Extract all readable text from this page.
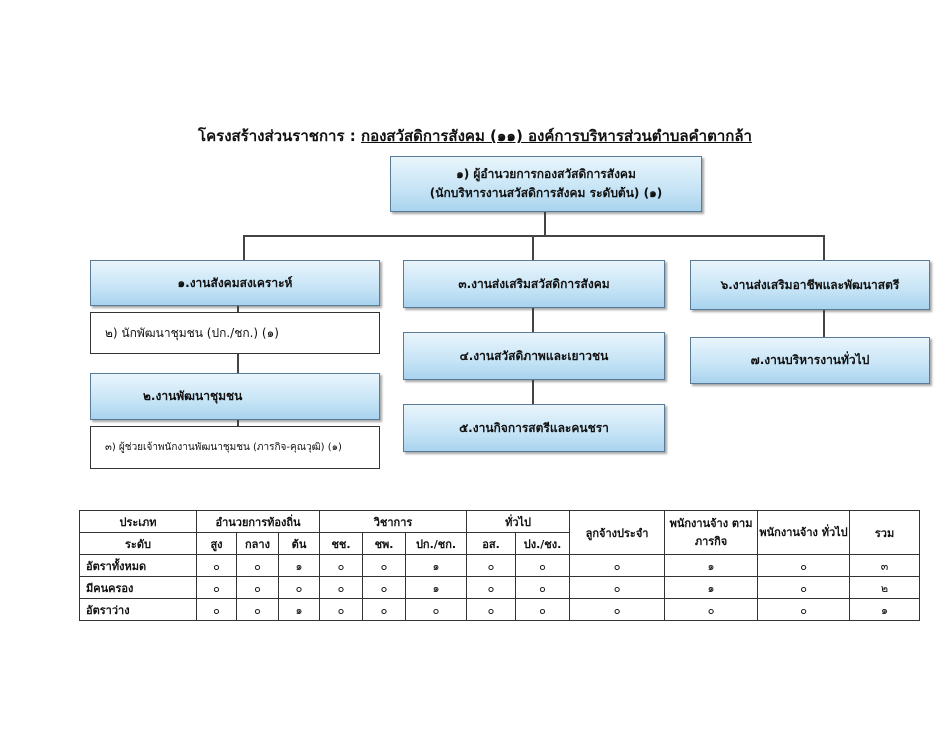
โครงสร้างส่วนราชการ : กองสวัสดิการสังคม (๑๑) องค์การบริหารส่วนตำบลคำตากล้า
๑) ผู้อำนวยการกองสวัสดิการสังคม
(นักบริหารงานสวัสดิการสังคม ระดับต้น) (๑)
๑.งานสังคมสงเคราะห์
๒) นักพัฒนาชุมชน (ปก./ชก.) (๑)
๒.งานพัฒนาชุมชน
๓) ผู้ช่วยเจ้าพนักงานพัฒนาชุมชน (ภารกิจ-คุณวุฒิ) (๑)
๓.งานส่งเสริมสวัสดิการสังคม
๔.งานสวัสดิภาพและเยาวชน
๕.งานกิจการสตรีและคนชรา
๖.งานส่งเสริมอาชีพและพัฒนาสตรี
๗.งานบริหารงานทั่วไป
ประเภท	อำนวยการท้องถิ่น			วิชาการ			ทั่วไป		ลูกจ้างประจำ	พนักงานจ้าง ตามภารกิจ	พนักงานจ้าง ทั่วไป	รวม
ระดับ	สูง	กลาง	ต้น	ชช.	ชพ.	ปก./ชก.	อส.	ปง./ชง.				
อัตราทั้งหมด	๐	๐	๑	๐	๐	๑	๐	๐	๐	๑	๐	๓
มีคนครอง	๐	๐	๐	๐	๐	๑	๐	๐	๐	๑	๐	๒
อัตราว่าง	๐	๐	๑	๐	๐	๐	๐	๐	๐	๐	๐	๑
